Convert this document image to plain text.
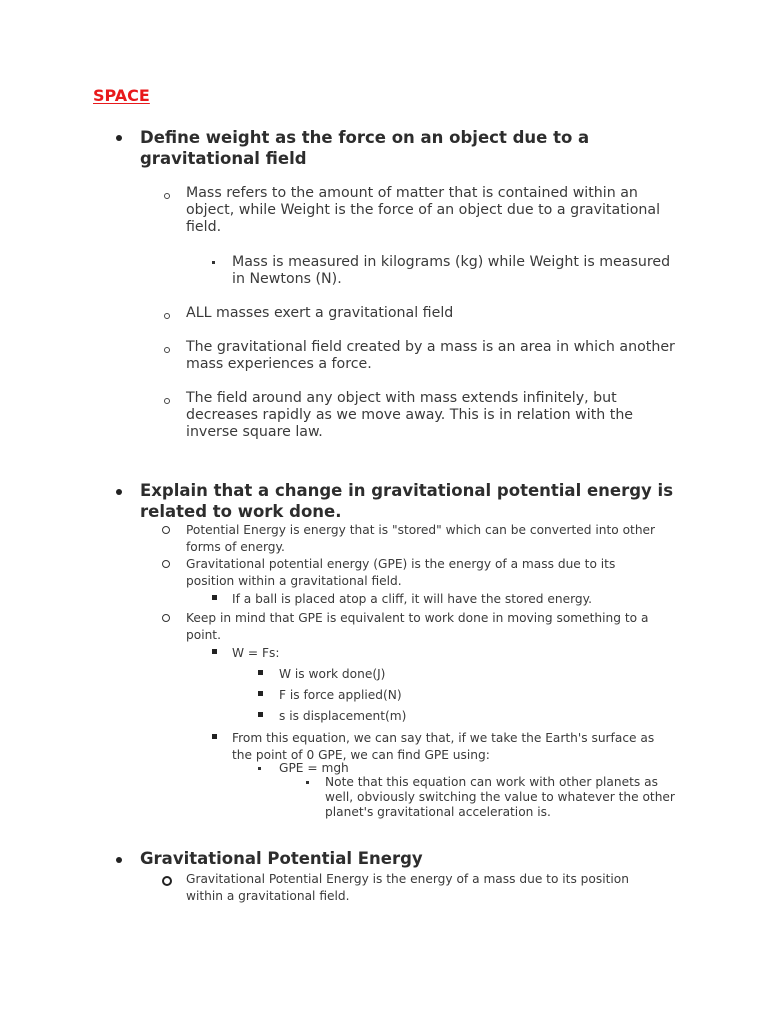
SPACE

Define weight as the force on an object due to a gravitational field

Mass refers to the amount of matter that is contained within an object, while Weight is the force of an object due to a gravitational field.

Mass is measured in kilograms (kg) while Weight is measured in Newtons (N).

ALL masses exert a gravitational field

The gravitational field created by a mass is an area in which another mass experiences a force.

The field around any object with mass extends infinitely, but decreases rapidly as we move away. This is in relation with the inverse square law.

Explain that a change in gravitational potential energy is related to work done.

Potential Energy is energy that is "stored" which can be converted into other forms of energy.

Gravitational potential energy (GPE) is the energy of a mass due to its position within a gravitational field.

If a ball is placed atop a cliff, it will have the stored energy.

Keep in mind that GPE is equivalent to work done in moving something to a point.

W = Fs:

W is work done(J)

F is force applied(N)

s is displacement(m)

From this equation, we can say that, if we take the Earth's surface as the point of 0 GPE, we can find GPE using:

GPE = mgh

Note that this equation can work with other planets as well, obviously switching the value to whatever the other planet's gravitational acceleration is.

Gravitational Potential Energy

Gravitational Potential Energy is the energy of a mass due to its position within a gravitational field.
